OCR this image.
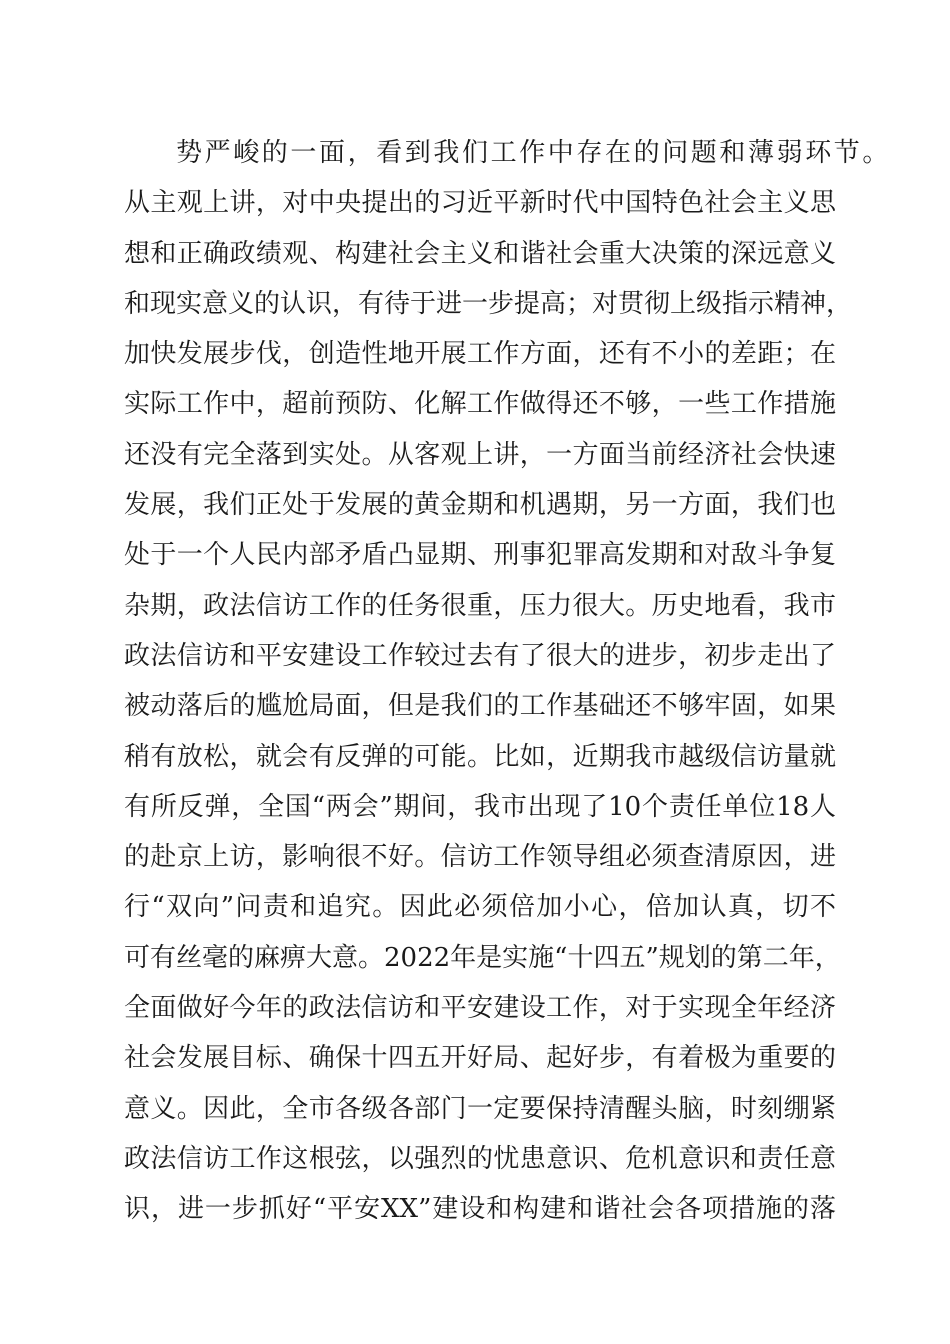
势严峻的一面，看到我们工作中存在的问题和薄弱环节。
从主观上讲，对中央提出的习近平新时代中国特色社会主义思
想和正确政绩观、构建社会主义和谐社会重大决策的深远意义
和现实意义的认识，有待于进一步提高；对贯彻上级指示精神，
加快发展步伐，创造性地开展工作方面，还有不小的差距；在
实际工作中，超前预防、化解工作做得还不够，一些工作措施
还没有完全落到实处。从客观上讲，一方面当前经济社会快速
发展，我们正处于发展的黄金期和机遇期，另一方面，我们也
处于一个人民内部矛盾凸显期、刑事犯罪高发期和对敌斗争复
杂期，政法信访工作的任务很重，压力很大。历史地看，我市
政法信访和平安建设工作较过去有了很大的进步，初步走出了
被动落后的尴尬局面，但是我们的工作基础还不够牢固，如果
稍有放松，就会有反弹的可能。比如，近期我市越级信访量就
有所反弹，全国“两会”期间，我市出现了10个责任单位18人
的赴京上访，影响很不好。信访工作领导组必须查清原因，进
行“双向”问责和追究。因此必须倍加小心，倍加认真，切不
可有丝毫的麻痹大意。2022年是实施“十四五”规划的第二年，
全面做好今年的政法信访和平安建设工作，对于实现全年经济
社会发展目标、确保十四五开好局、起好步，有着极为重要的
意义。因此，全市各级各部门一定要保持清醒头脑，时刻绷紧
政法信访工作这根弦，以强烈的忧患意识、危机意识和责任意
识，进一步抓好“平安XX”建设和构建和谐社会各项措施的落
